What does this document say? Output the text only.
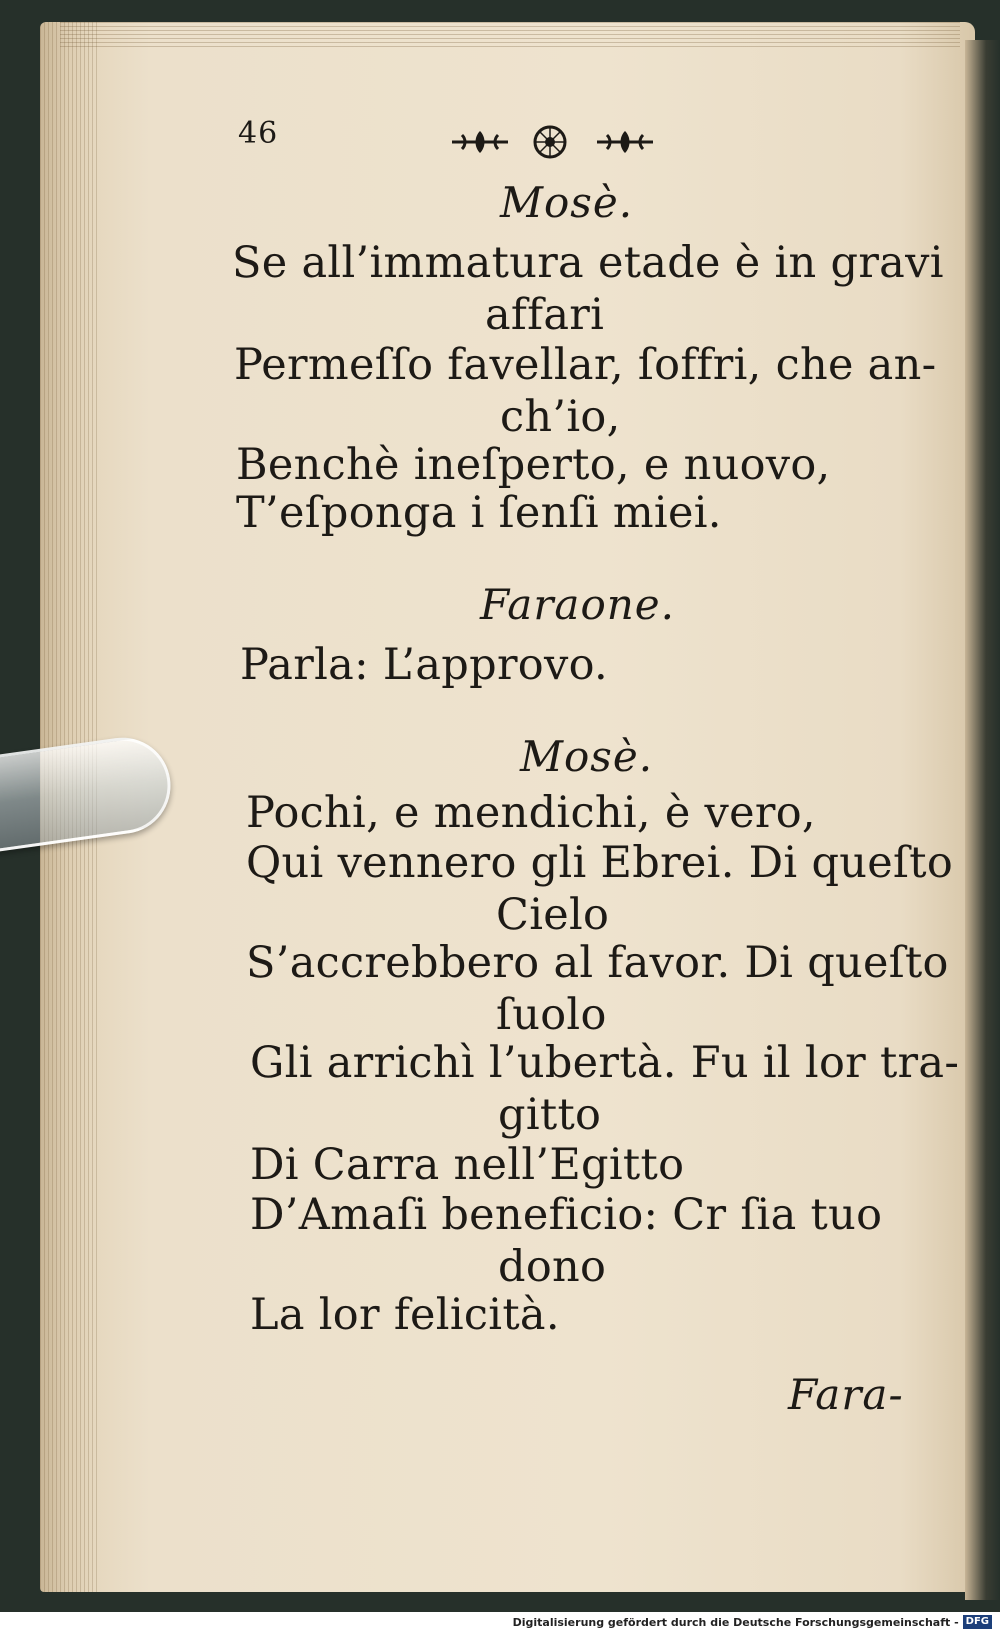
46
Mosè.
Se all’immatura etade è in gravi
affari
Permeſſo favellar, ſoffri, che an-
ch’io,
Benchè ineſperto, e nuovo,
T’eſponga i ſenſi miei.
Faraone.
Parla: L’approvo.
Mosè.
Pochi, e mendichi, è vero,
Qui vennero gli Ebrei. Di queſto
Cielo
S’accrebbero al favor. Di queſto
ſuolo
Gli arrichì l’ubertà. Fu il lor tra-
gitto
Di Carra nell’Egitto
D’Amaſi beneficio: Cr ſia tuo
dono
La lor felicità.
Fara-
Digitalisierung gefördert durch die Deutsche Forschungsgemeinschaft - DFG
